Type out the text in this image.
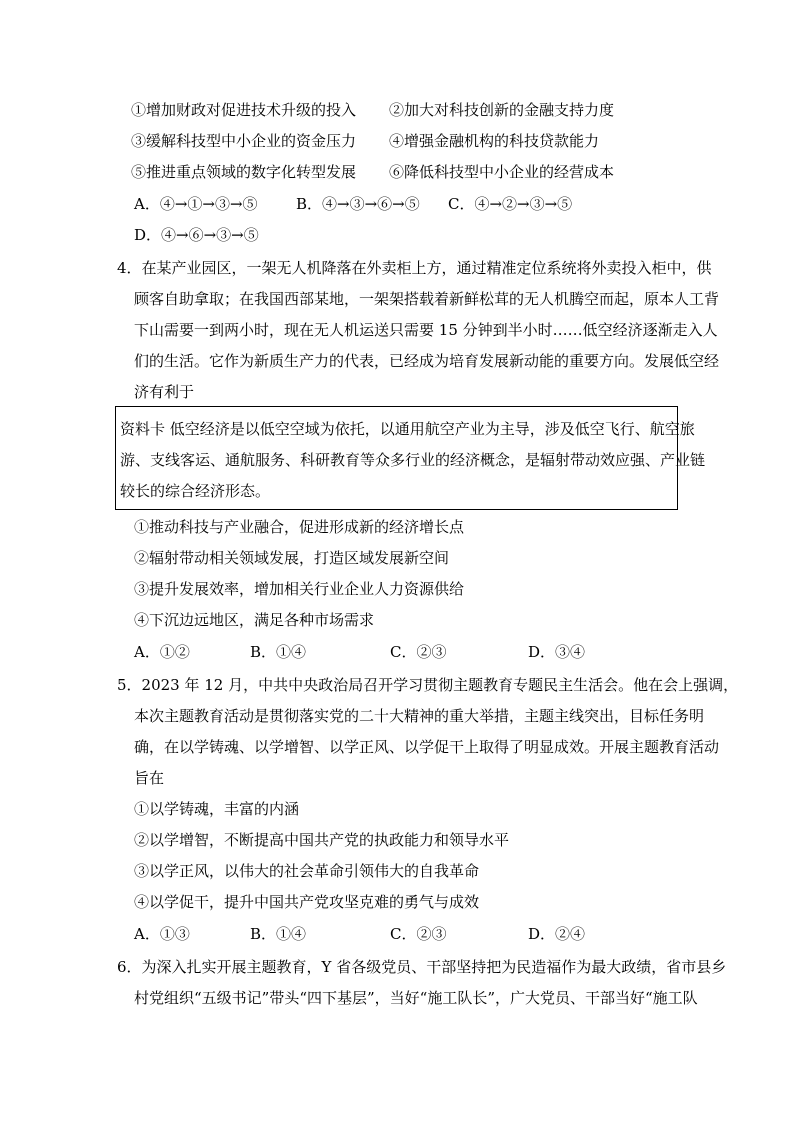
①增加财政对促进技术升级的投入 ②加大对科技创新的金融支持力度
③缓解科技型中小企业的资金压力 ④增强金融机构的科技贷款能力
⑤推进重点领域的数字化转型发展 ⑥降低科技型中小企业的经营成本
A．④→①→③→⑤	B．④→③→⑥→⑤ C．④→②→③→⑤
D．④→⑥→③→⑤
4．在某产业园区，一架无人机降落在外卖柜上方，通过精准定位系统将外卖投入柜中，供
顾客自助拿取；在我国西部某地，一架架搭载着新鲜松茸的无人机腾空而起，原本人工背
下山需要一到两小时，现在无人机运送只需要 15 分钟到半小时……低空经济逐渐走入人
们的生活。它作为新质生产力的代表，已经成为培育发展新动能的重要方向。发展低空经
济有利于
资料卡 低空经济是以低空空域为依托，以通用航空产业为主导，涉及低空飞行、航空旅
游、支线客运、通航服务、科研教育等众多行业的经济概念，是辐射带动效应强、产业链
较长的综合经济形态。
①推动科技与产业融合，促进形成新的经济增长点
②辐射带动相关领域发展，打造区域发展新空间
③提升发展效率，增加相关行业企业人力资源供给
④下沉边远地区，满足各种市场需求
A．①②	B．①④	C．②③	D．③④
5．2023 年 12 月，中共中央政治局召开学习贯彻主题教育专题民主生活会。他在会上强调，
本次主题教育活动是贯彻落实党的二十大精神的重大举措，主题主线突出，目标任务明
确，在以学铸魂、以学增智、以学正风、以学促干上取得了明显成效。开展主题教育活动
旨在
①以学铸魂，丰富的内涵
②以学增智，不断提高中国共产党的执政能力和领导水平
③以学正风，以伟大的社会革命引领伟大的自我革命
④以学促干，提升中国共产党攻坚克难的勇气与成效
A．①③	B．①④	C．②③	D．②④
6．为深入扎实开展主题教育，Y 省各级党员、干部坚持把为民造福作为最大政绩，省市县乡
村党组织“五级书记”带头“四下基层”，当好“施工队长”，广大党员、干部当好“施工队
